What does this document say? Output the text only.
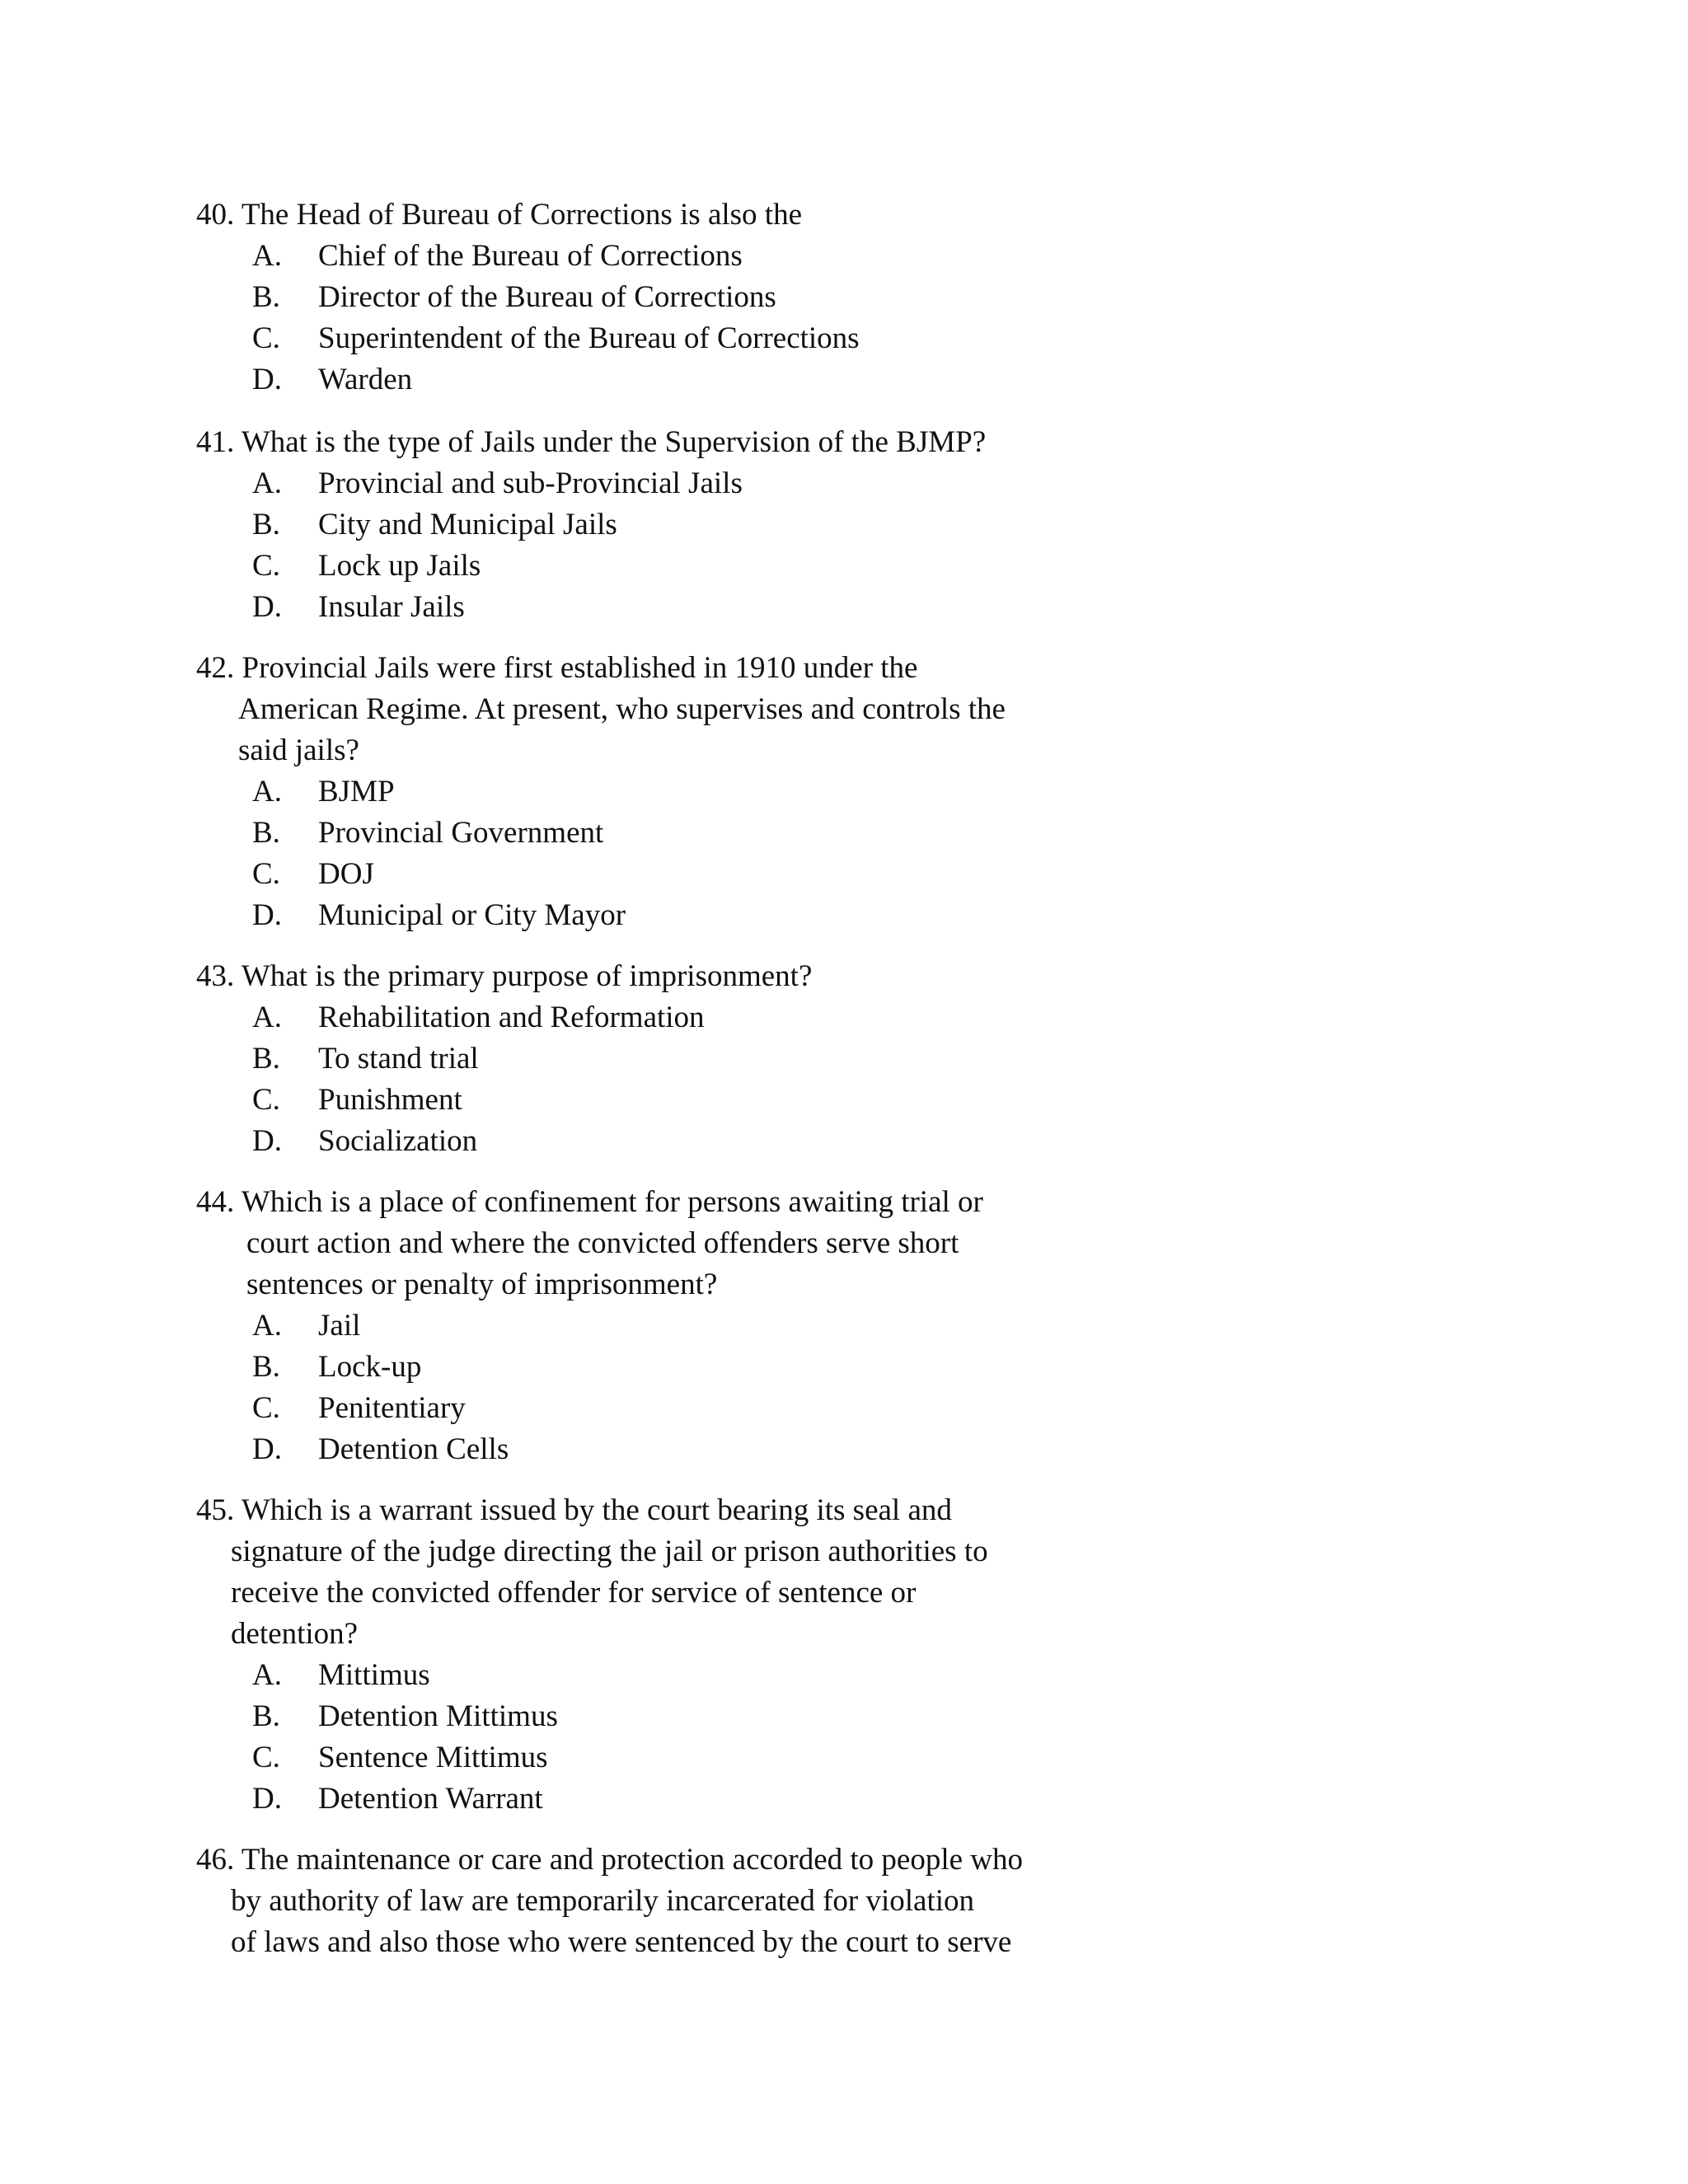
40. The Head of Bureau of Corrections is also the

A. Chief of the Bureau of Corrections
B. Director of the Bureau of Corrections
C. Superintendent of the Bureau of Corrections
D. Warden

41. What is the type of Jails under the Supervision of the BJMP?

A. Provincial and sub-Provincial Jails
B. City and Municipal Jails
C. Lock up Jails
D. Insular Jails

42. Provincial Jails were first established in 1910 under the

American Regime. At present, who supervises and controls the

said jails?

A. BJMP
B. Provincial Government
C. DOJ
D. Municipal or City Mayor

43. What is the primary purpose of imprisonment?

A. Rehabilitation and Reformation
B. To stand trial
C. Punishment
D. Socialization

44. Which is a place of confinement for persons awaiting trial or

court action and where the convicted offenders serve short

sentences or penalty of imprisonment?

A. Jail
B. Lock-up
C. Penitentiary
D. Detention Cells

45. Which is a warrant issued by the court bearing its seal and

signature of the judge directing the jail or prison authorities to

receive the convicted offender for service of sentence or

detention?

A. Mittimus
B. Detention Mittimus
C. Sentence Mittimus
D. Detention Warrant

46. The maintenance or care and protection accorded to people who

by authority of law are temporarily incarcerated for violation

of laws and also those who were sentenced by the court to serve
